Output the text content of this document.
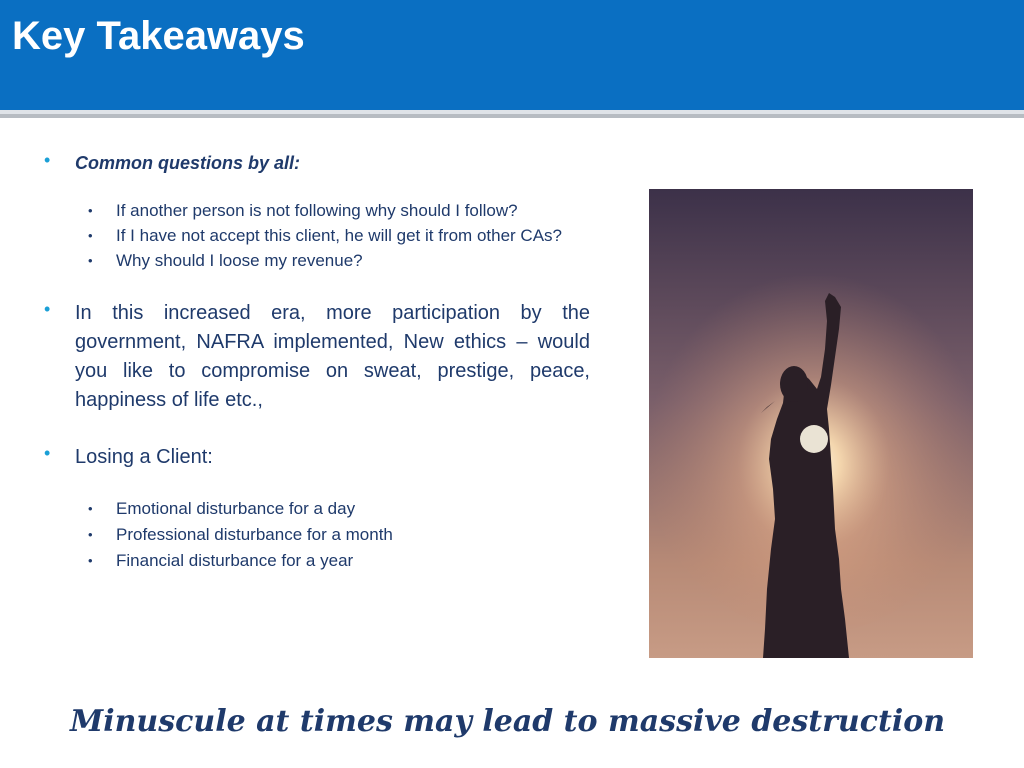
Key Takeaways
• Common questions by all:
• If another person is not following why should I follow?
• If I have not accept this client, he will get it from other CAs?
• Why should I loose my revenue?
• In this increased era, more participation by the government, NAFRA implemented, New ethics – would you like to compromise on sweat, prestige, peace, happiness of life etc.,
• Losing a Client:
• Emotional disturbance for a day
• Professional disturbance for a month
• Financial disturbance for a year
Minuscule at times may lead to massive destruction
